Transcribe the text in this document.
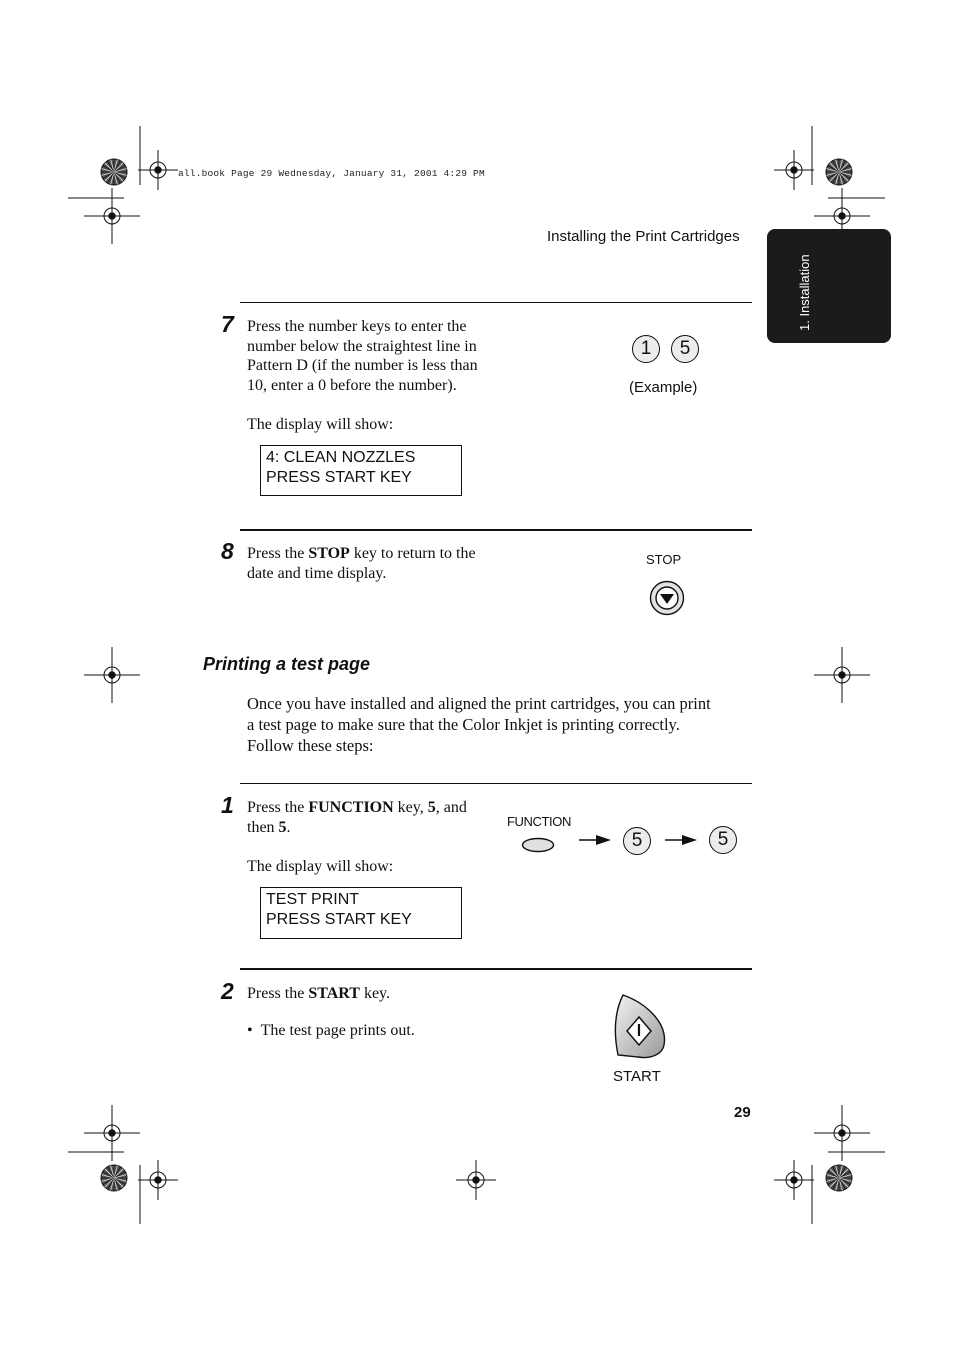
all.book Page 29 Wednesday, January 31, 2001 4:29 PM
Installing the Print Cartridges
1. Installation
7 Press the number keys to enter the
number below the straightest line in
Pattern D (if the number is less than
10, enter a 0 before the number).
The display will show:
4: CLEAN NOZZLES
PRESS START KEY
1	5
(Example)
8 Press the STOP key to return to the
date and time display.
STOP
Printing a test page
Once you have installed and aligned the print cartridges, you can print
a test page to make sure that the Color Inkjet is printing correctly.
Follow these steps:
1 Press the FUNCTION key, 5, and
then 5.
The display will show:
TEST PRINT
PRESS START KEY
FUNCTION
5	5
2 Press the START key.
• The test page prints out.
START
29
